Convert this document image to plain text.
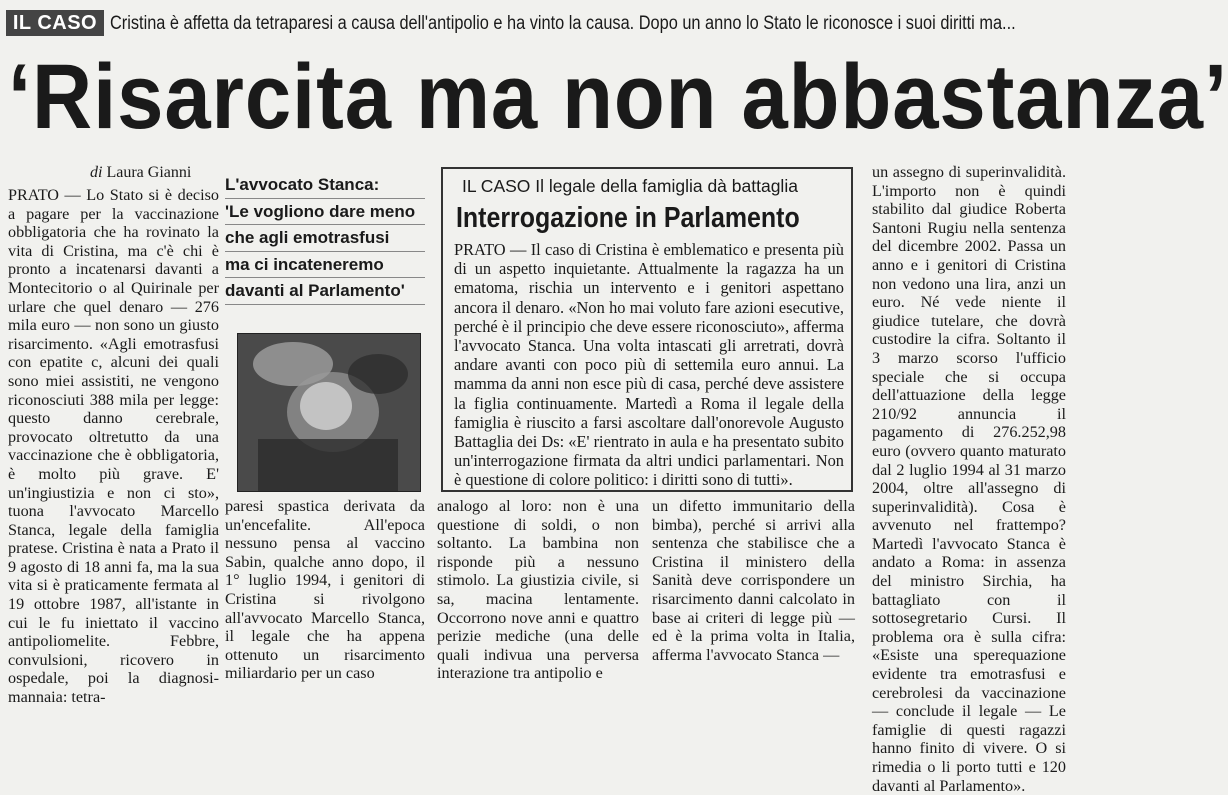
IL CASO Cristina è affetta da tetraparesi a causa dell'antipolio e ha vinto la causa. Dopo un anno lo Stato le riconosce i suoi diritti ma...
‘Risarcita ma non abbastanza’
di Laura Gianni

PRATO — Lo Stato si è deciso a pagare per la vaccinazione obbligatoria che ha rovinato la vita di Cristina, ma c'è chi è pronto a incatenarsi davanti a Montecitorio o al Quirinale per urlare che quel denaro — 276 mila euro — non sono un giusto risarcimento. «Agli emotrasfusi con epatite c, alcuni dei quali sono miei assistiti, ne vengono riconosciuti 388 mila per legge: questo danno cerebrale, provocato oltretutto da una vaccinazione che è obbligatoria, è molto più grave. E' un'ingiustizia e non ci sto», tuona l'avvocato Marcello Stanca, legale della famiglia pratese. Cristina è nata a Prato il 9 agosto di 18 anni fa, ma la sua vita si è praticamente fermata al 19 ottobre 1987, all'istante in cui le fu iniettato il vaccino antipoliomelite. Febbre, convulsioni, ricovero in ospedale, poi la diagnosi-mannaia: tetra-

L'avvocato Stanca:
'Le vogliono dare meno
che agli emotrasfusi
ma ci incateneremo
davanti al Parlamento'

paresi spastica derivata da un'encefalite. All'epoca nessuno pensa al vaccino Sabin, qualche anno dopo, il 1° luglio 1994, i genitori di Cristina si rivolgono all'avvocato Marcello Stanca, il legale che ha appena ottenuto un risarcimento miliardario per un caso

IL CASO Il legale della famiglia dà battaglia
Interrogazione in Parlamento

PRATO — Il caso di Cristina è emblematico e presenta più di un aspetto inquietante. Attualmente la ragazza ha un ematoma, rischia un intervento e i genitori aspettano ancora il denaro. «Non ho mai voluto fare azioni esecutive, perché è il principio che deve essere riconosciuto», afferma l'avvocato Stanca. Una volta intascati gli arretrati, dovrà andare avanti con poco più di settemila euro annui. La mamma da anni non esce più di casa, perché deve assistere la figlia continuamente. Martedì a Roma il legale della famiglia è riuscito a farsi ascoltare dall'onorevole Augusto Battaglia dei Ds: «E' rientrato in aula e ha presentato subito un'interrogazione firmata da altri undici parlamentari. Non è questione di colore politico: i diritti sono di tutti».

analogo al loro: non è una questione di soldi, o non soltanto. La bambina non risponde più a nessuno stimolo. La giustizia civile, si sa, macina lentamente. Occorrono nove anni e quattro perizie mediche (una delle quali indivua una perversa interazione tra antipolio e

un difetto immunitario della bimba), perché si arrivi alla sentenza che stabilisce che a Cristina il ministero della Sanità deve corrispondere un risarcimento danni calcolato in base ai criteri di legge più — ed è la prima volta in Italia, afferma l'avvocato Stanca —

un assegno di superinvalidità. L'importo non è quindi stabilito dal giudice Roberta Santoni Rugiu nella sentenza del dicembre 2002. Passa un anno e i genitori di Cristina non vedono una lira, anzi un euro. Né vede niente il giudice tutelare, che dovrà custodire la cifra. Soltanto il 3 marzo scorso l'ufficio speciale che si occupa dell'attuazione della legge 210/92 annuncia il pagamento di 276.252,98 euro (ovvero quanto maturato dal 2 luglio 1994 al 31 marzo 2004, oltre all'assegno di superinvalidità). Cosa è avvenuto nel frattempo? Martedì l'avvocato Stanca è andato a Roma: in assenza del ministro Sirchia, ha battagliato con il sottosegretario Cursi. Il problema ora è sulla cifra: «Esiste una sperequazione evidente tra emotrasfusi e cerebrolesi da vaccinazione — conclude il legale — Le famiglie di questi ragazzi hanno finito di vivere. O si rimedia o li porto tutti e 120 davanti al Parlamento».
